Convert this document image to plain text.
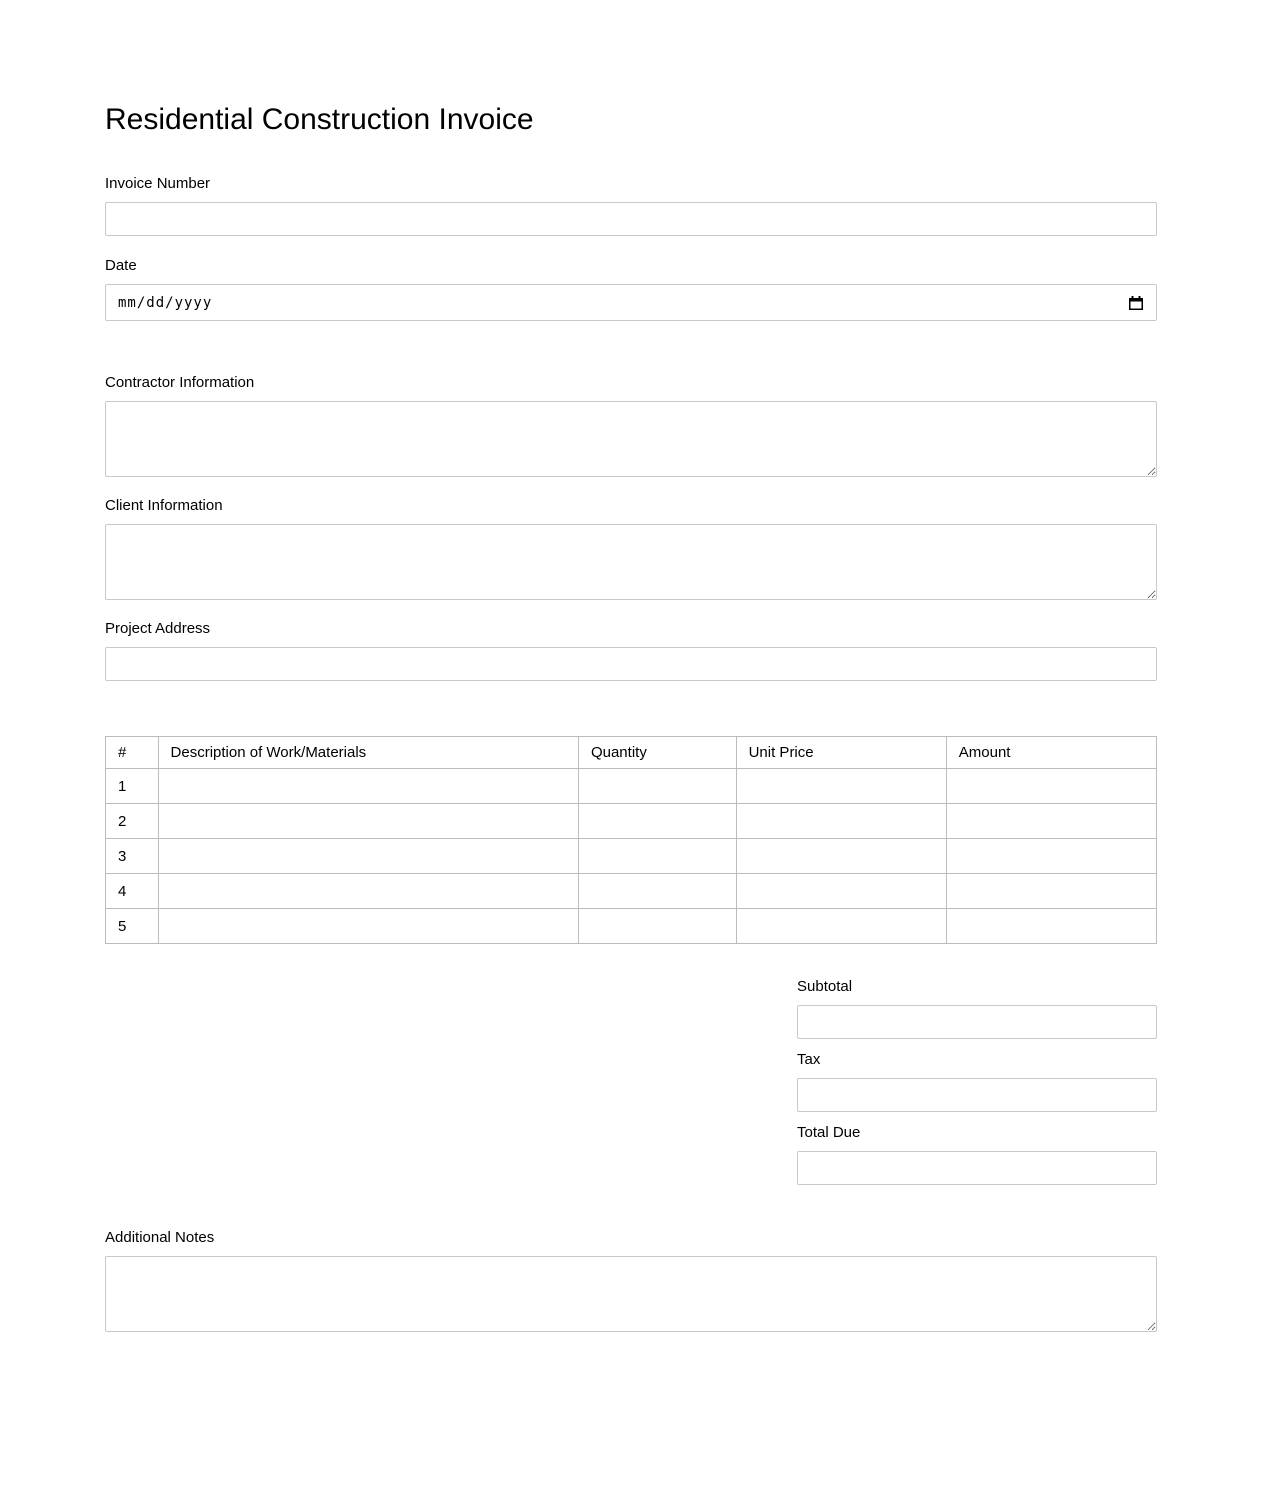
Residential Construction Invoice
Invoice Number
Date
mm/dd/yyyy
Contractor Information
Client Information
Project Address
#	Description of Work/Materials	Quantity	Unit Price	Amount
1				
2				
3				
4				
5				
Subtotal
Tax
Total Due
Additional Notes
